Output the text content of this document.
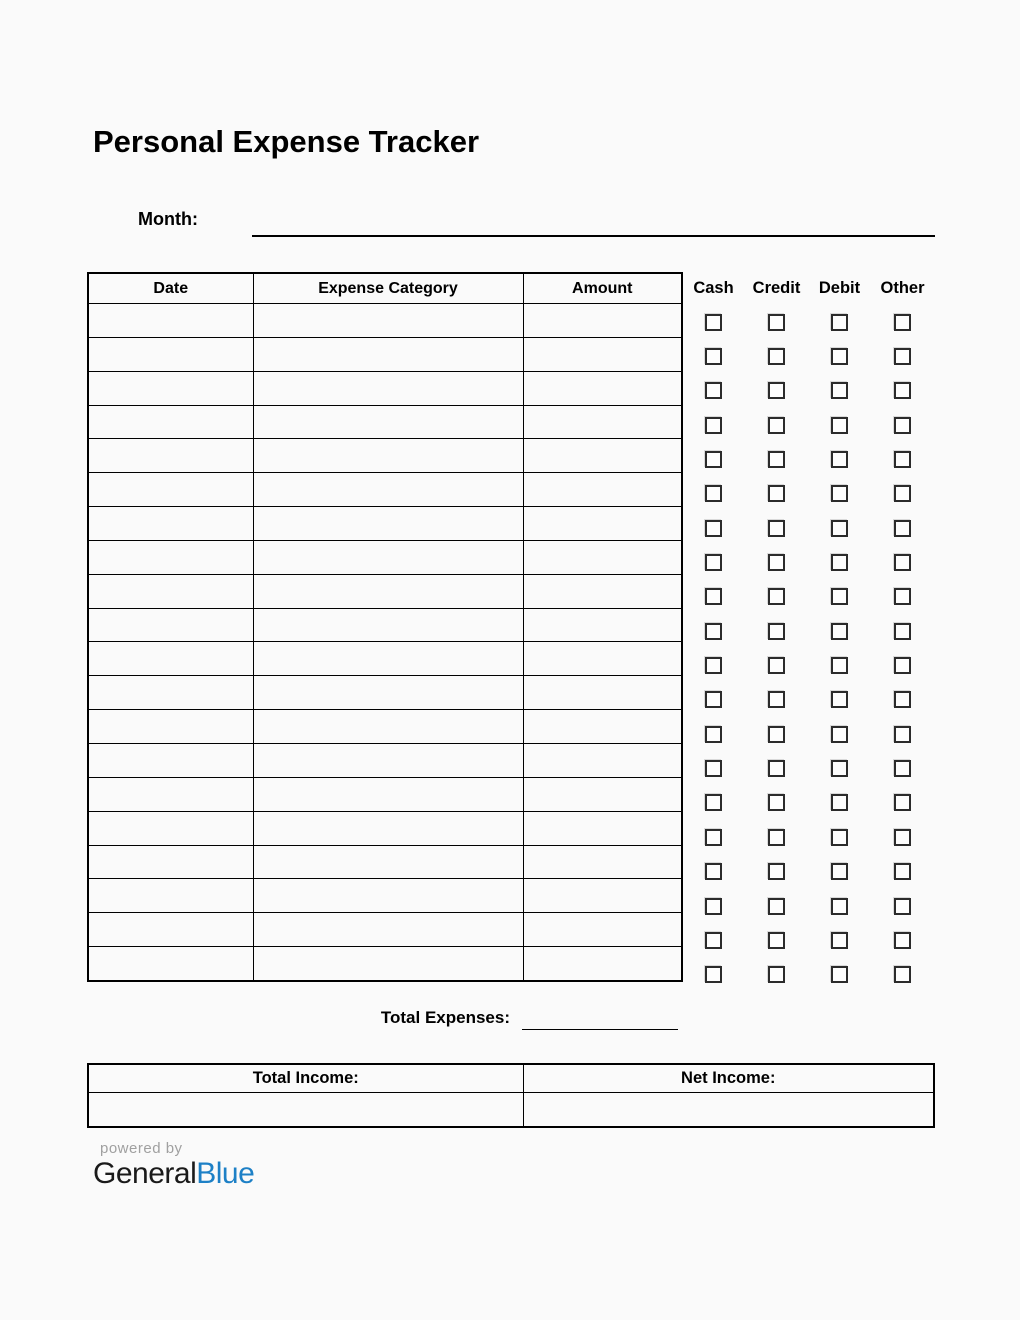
Personal Expense Tracker
Month:
Date	Expense Category	Amount

			Cash	Credit	Debit	Other
Total Expenses:
Total Income:	Net Income:

powered by
GeneralBlue
